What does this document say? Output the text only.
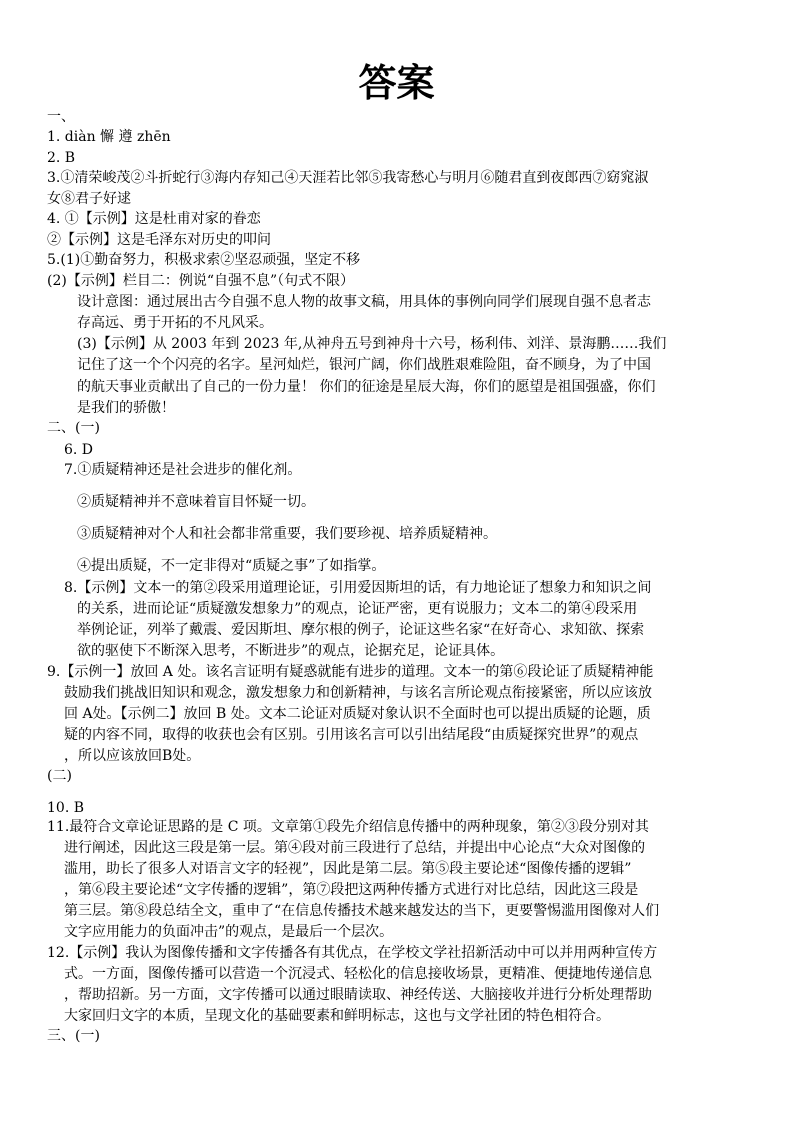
答案
一、
1. diàn 懈 遵 zhēn
2. B
3.①清荣峻茂②斗折蛇行③海内存知己④天涯若比邻⑤我寄愁心与明月⑥随君直到夜郎西⑦窈窕淑
女⑧君子好逑
4. ①【示例】这是杜甫对家的眷恋
②【示例】这是毛泽东对历史的叩问
5.(1)①勤奋努力，积极求索②坚忍顽强，坚定不移
(2)【示例】栏目二：例说“自强不息”（句式不限）
设计意图：通过展出古今自强不息人物的故事文稿，用具体的事例向同学们展现自强不息者志
存高远、勇于开拓的不凡风采。
(3)【示例】从 2003 年到 2023 年,从神舟五号到神舟十六号，杨利伟、刘洋、景海鹏……我们
记住了这一个个闪亮的名字。星河灿烂，银河广阔，你们战胜艰难险阻，奋不顾身，为了中国
的航天事业贡献出了自己的一份力量！ 你们的征途是星辰大海，你们的愿望是祖国强盛，你们
是我们的骄傲！
二、(一)
6. D
7.①质疑精神还是社会进步的催化剂。
②质疑精神并不意味着盲目怀疑一切。
③质疑精神对个人和社会都非常重要，我们要珍视、培养质疑精神。
④提出质疑，不一定非得对“质疑之事”了如指掌。
8.【示例】文本一的第②段采用道理论证，引用爱因斯坦的话，有力地论证了想象力和知识之间
的关系，进而论证“质疑激发想象力”的观点，论证严密，更有说服力；文本二的第④段采用
举例论证，列举了戴震、爱因斯坦、摩尔根的例子，论证这些名家“在好奇心、求知欲、探索
欲的驱使下不断深入思考，不断进步”的观点，论据充足，论证具体。
9.【示例一】放回 A 处。该名言证明有疑惑就能有进步的道理。文本一的第⑥段论证了质疑精神能
鼓励我们挑战旧知识和观念，激发想象力和创新精神，与该名言所论观点衔接紧密，所以应该放
回 A处。【示例二】放回 B 处。文本二论证对质疑对象认识不全面时也可以提出质疑的论题，质
疑的内容不同，取得的收获也会有区别。引用该名言可以引出结尾段“由质疑探究世界”的观点
，所以应该放回B处。
(二)
10. B
11.最符合文章论证思路的是 C 项。文章第①段先介绍信息传播中的两种现象，第②③段分别对其
进行阐述，因此这三段是第一层。第④段对前三段进行了总结，并提出中心论点“大众对图像的
滥用，助长了很多人对语言文字的轻视”，因此是第二层。第⑤段主要论述“图像传播的逻辑”
，第⑥段主要论述“文字传播的逻辑”，第⑦段把这两种传播方式进行对比总结，因此这三段是
第三层。第⑧段总结全文，重申了“在信息传播技术越来越发达的当下，更要警惕滥用图像对人们
文字应用能力的负面冲击”的观点，是最后一个层次。
12.【示例】我认为图像传播和文字传播各有其优点，在学校文学社招新活动中可以并用两种宣传方
式。一方面，图像传播可以营造一个沉浸式、轻松化的信息接收场景，更精准、便捷地传递信息
，帮助招新。另一方面，文字传播可以通过眼睛读取、神经传送、大脑接收并进行分析处理帮助
大家回归文字的本质，呈现文化的基础要素和鲜明标志，这也与文学社团的特色相符合。
三、(一)
